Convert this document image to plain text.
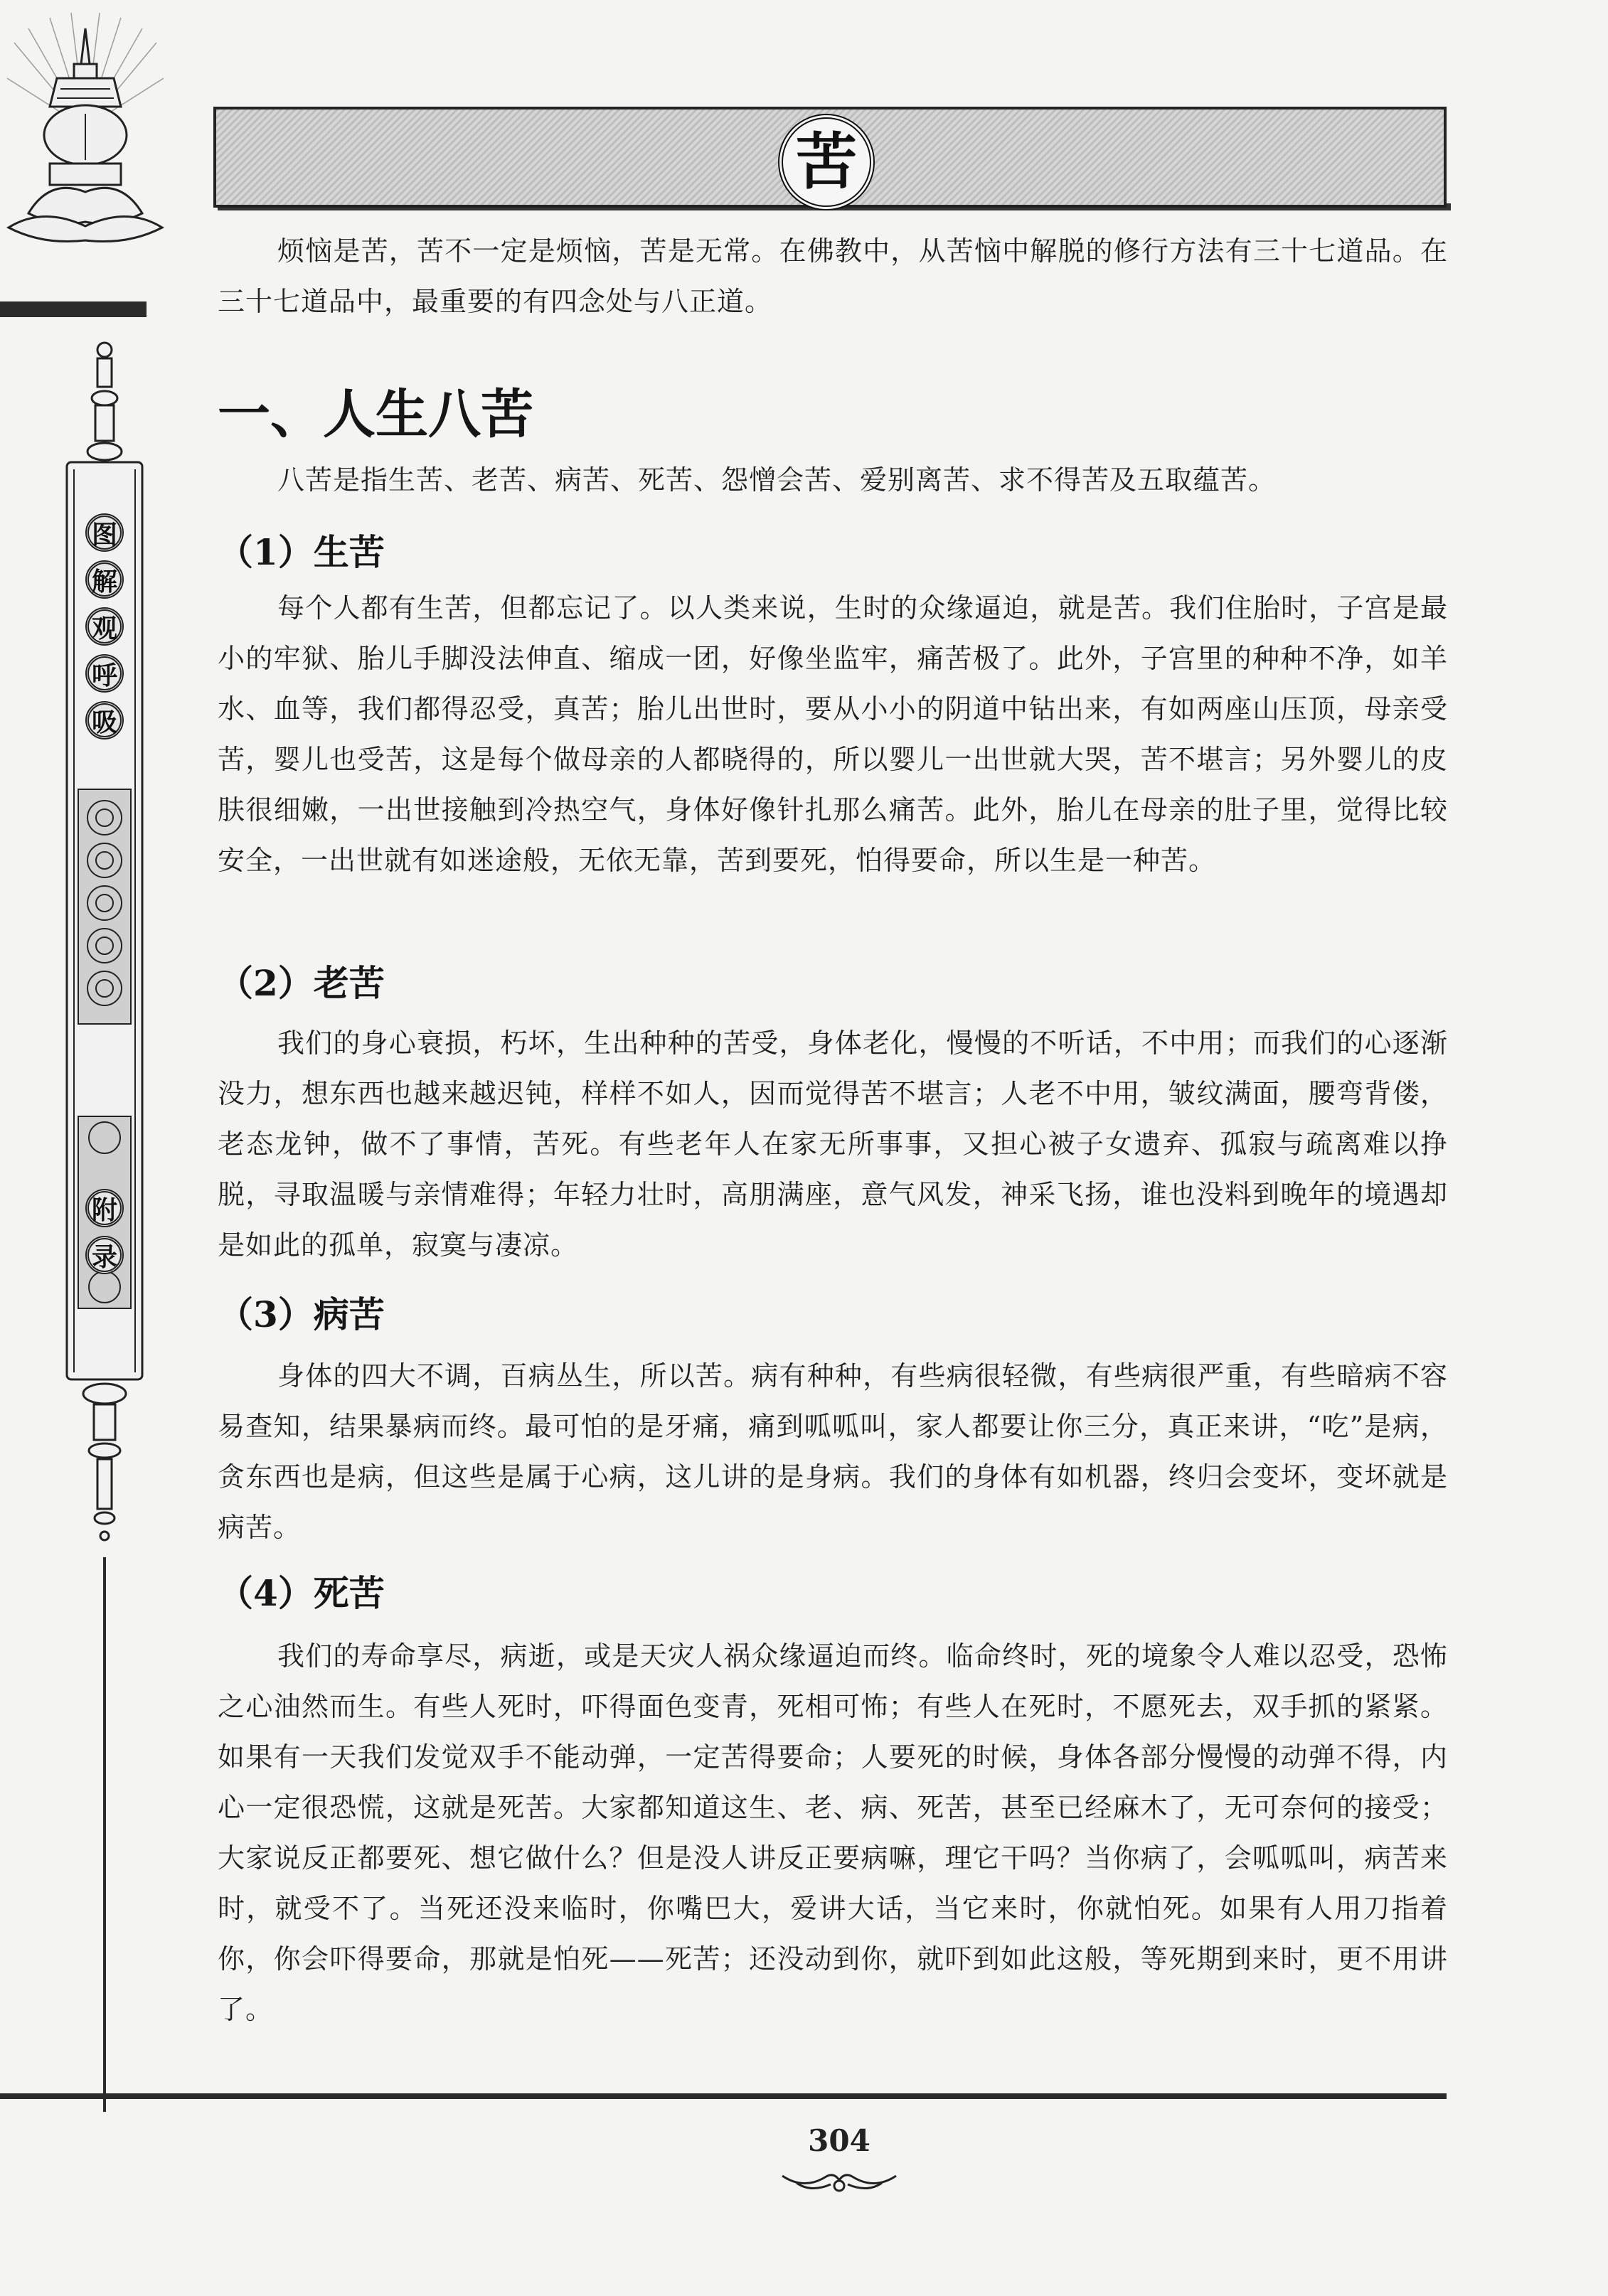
图
解
观
呼
吸
附
录
苦

烦恼是苦，苦不一定是烦恼，苦是无常。在佛教中，从苦恼中解脱的修行方法有三十七道品。在三十七道品中，最重要的有四念处与八正道。

一、人生八苦

八苦是指生苦、老苦、病苦、死苦、怨憎会苦、爱别离苦、求不得苦及五取蕴苦。

（1）生苦

每个人都有生苦，但都忘记了。以人类来说，生时的众缘逼迫，就是苦。我们住胎时，子宫是最小的牢狱、胎儿手脚没法伸直、缩成一团，好像坐监牢，痛苦极了。此外，子宫里的种种不净，如羊水、血等，我们都得忍受，真苦；胎儿出世时，要从小小的阴道中钻出来，有如两座山压顶，母亲受苦，婴儿也受苦，这是每个做母亲的人都晓得的，所以婴儿一出世就大哭，苦不堪言；另外婴儿的皮肤很细嫩，一出世接触到冷热空气，身体好像针扎那么痛苦。此外，胎儿在母亲的肚子里，觉得比较安全，一出世就有如迷途般，无依无靠，苦到要死，怕得要命，所以生是一种苦。

（2）老苦

我们的身心衰损，朽坏，生出种种的苦受，身体老化，慢慢的不听话，不中用；而我们的心逐渐没力，想东西也越来越迟钝，样样不如人，因而觉得苦不堪言；人老不中用，皱纹满面，腰弯背偻，老态龙钟，做不了事情，苦死。有些老年人在家无所事事，又担心被子女遗弃、孤寂与疏离难以挣脱，寻取温暖与亲情难得；年轻力壮时，高朋满座，意气风发，神采飞扬，谁也没料到晚年的境遇却是如此的孤单，寂寞与凄凉。

（3）病苦

身体的四大不调，百病丛生，所以苦。病有种种，有些病很轻微，有些病很严重，有些暗病不容易查知，结果暴病而终。最可怕的是牙痛，痛到呱呱叫，家人都要让你三分，真正来讲，“吃”是病，贪东西也是病，但这些是属于心病，这儿讲的是身病。我们的身体有如机器，终归会变坏，变坏就是病苦。

（4）死苦

我们的寿命享尽，病逝，或是天灾人祸众缘逼迫而终。临命终时，死的境象令人难以忍受，恐怖之心油然而生。有些人死时，吓得面色变青，死相可怖；有些人在死时，不愿死去，双手抓的紧紧。如果有一天我们发觉双手不能动弹，一定苦得要命；人要死的时候，身体各部分慢慢的动弹不得，内心一定很恐慌，这就是死苦。大家都知道这生、老、病、死苦，甚至已经麻木了，无可奈何的接受；大家说反正都要死、想它做什么？但是没人讲反正要病嘛，理它干吗？当你病了，会呱呱叫，病苦来时，就受不了。当死还没来临时，你嘴巴大，爱讲大话，当它来时，你就怕死。如果有人用刀指着你，你会吓得要命，那就是怕死——死苦；还没动到你，就吓到如此这般，等死期到来时，更不用讲了。

304
